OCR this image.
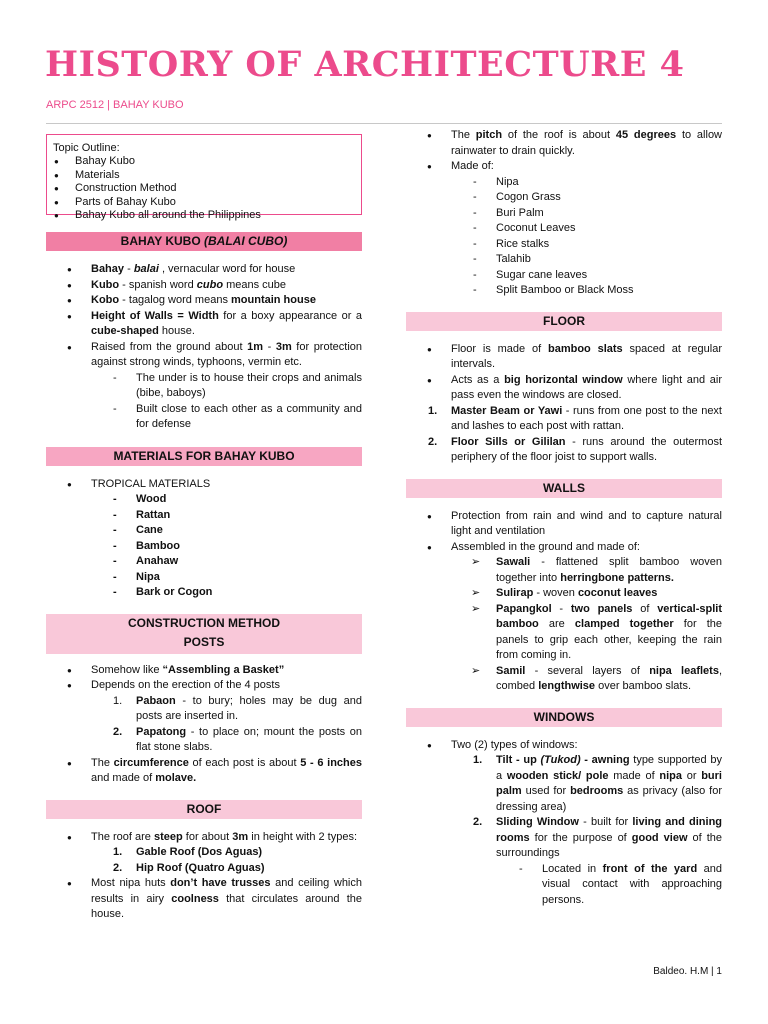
HISTORY OF ARCHITECTURE 4
ARPC 2512 | BAHAY KUBO
Topic Outline:
● Bahay Kubo
● Materials
● Construction Method
● Parts of Bahay Kubo
● Bahay Kubo all around the Philippines
BAHAY KUBO (BALAI CUBO)
● Bahay - balai , vernacular word for house
● Kubo - spanish word cubo means cube
● Kobo - tagalog word means mountain house
● Height of Walls = Width for a boxy appearance or a cube-shaped house.
● Raised from the ground about 1m - 3m for protection against strong winds, typhoons, vermin etc.
- The under is to house their crops and animals (bibe, baboys)
- Built close to each other as a community and for defense
MATERIALS FOR BAHAY KUBO
● TROPICAL MATERIALS
- Wood
- Rattan
- Cane
- Bamboo
- Anahaw
- Nipa
- Bark or Cogon
CONSTRUCTION METHOD
POSTS
● Somehow like “Assembling a Basket”
● Depends on the erection of the 4 posts
1. Pabaon - to bury; holes may be dug and posts are inserted in.
2. Papatong - to place on; mount the posts on flat stone slabs.
● The circumference of each post is about 5 - 6 inches and made of molave.
ROOF
● The roof are steep for about 3m in height with 2 types:
1. Gable Roof (Dos Aguas)
2. Hip Roof (Quatro Aguas)
● Most nipa huts don’t have trusses and ceiling which results in airy coolness that circulates around the house.
● The pitch of the roof is about 45 degrees to allow rainwater to drain quickly.
● Made of:
- Nipa
- Cogon Grass
- Buri Palm
- Coconut Leaves
- Rice stalks
- Talahib
- Sugar cane leaves
- Split Bamboo or Black Moss
FLOOR
● Floor is made of bamboo slats spaced at regular intervals.
● Acts as a big horizontal window where light and air pass even the windows are closed.
1. Master Beam or Yawi - runs from one post to the next and lashes to each post with rattan.
2. Floor Sills or Gililan - runs around the outermost periphery of the floor joist to support walls.
WALLS
● Protection from rain and wind and to capture natural light and ventilation
● Assembled in the ground and made of:
➢ Sawali - flattened split bamboo woven together into herringbone patterns.
➢ Sulirap - woven coconut leaves
➢ Papangkol - two panels of vertical-split bamboo are clamped together for the panels to grip each other, keeping the rain from coming in.
➢ Samil - several layers of nipa leaflets, combed lengthwise over bamboo slats.
WINDOWS
● Two (2) types of windows:
1. Tilt - up (Tukod) - awning type supported by a wooden stick/ pole made of nipa or buri palm used for bedrooms as privacy (also for dressing area)
2. Sliding Window - built for living and dining rooms for the purpose of good view of the surroundings
- Located in front of the yard and visual contact with approaching persons.
Baldeo. H.M | 1
